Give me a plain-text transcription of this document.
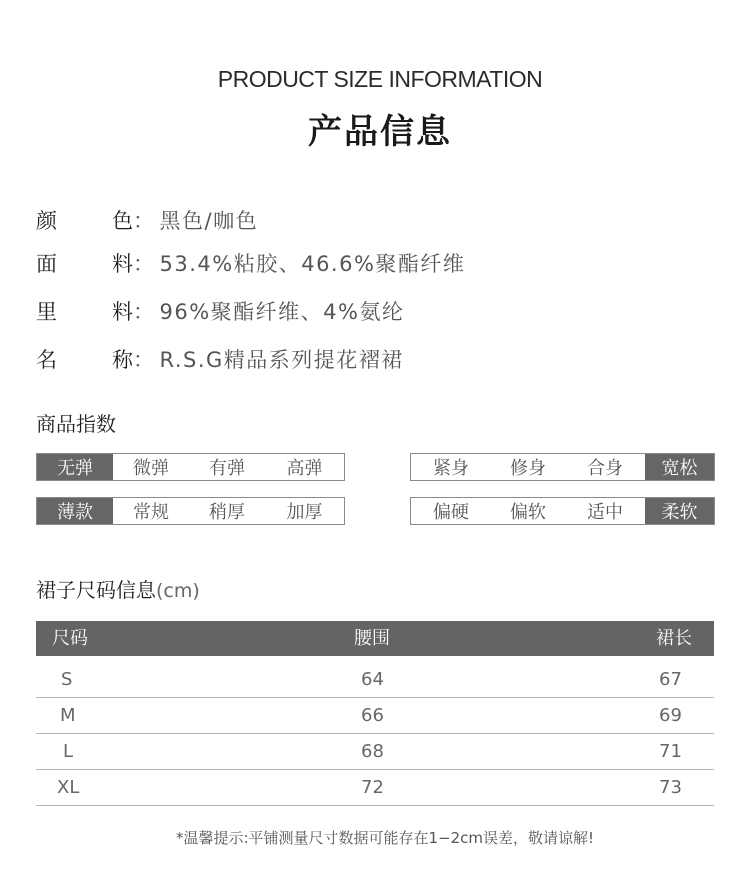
PRODUCT SIZE INFORMATION
产品信息
颜	色 ： 黑色/咖色
面	料 ： 53.4%粘胶、46.6%聚酯纤维
里	料 ： 96%聚酯纤维、4%氨纶
名	称 ： R.S.G精品系列提花褶裙
商品指数
无弹	微弹	有弹	高弹	紧身	修身	合身	宽松
薄款	常规	稍厚	加厚	偏硬	偏软	适中	柔软
裙子尺码信息(cm)
尺码	腰围	裙长
S	64	67
M	66	69
L	68	71
XL	72	73
*温馨提示:平铺测量尺寸数据可能存在1−2cm误差，敬请谅解!
